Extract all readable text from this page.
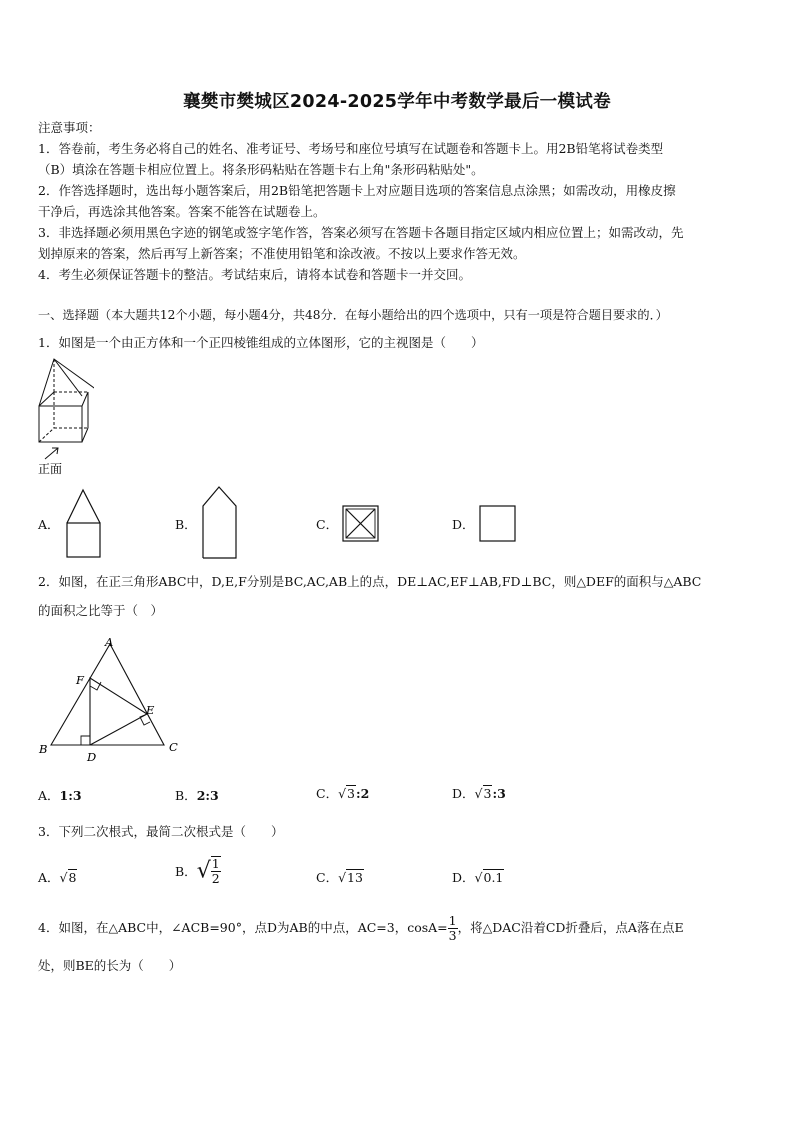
襄樊市樊城区2024-2025学年中考数学最后一模试卷
注意事项：
1．答卷前，考生务必将自己的姓名、准考证号、考场号和座位号填写在试题卷和答题卡上。用2B铅笔将试卷类型
（B）填涂在答题卡相应位置上。将条形码粘贴在答题卡右上角"条形码粘贴处"。
2．作答选择题时，选出每小题答案后，用2B铅笔把答题卡上对应题目选项的答案信息点涂黑；如需改动，用橡皮擦
干净后，再选涂其他答案。答案不能答在试题卷上。
3．非选择题必须用黑色字迹的钢笔或签字笔作答，答案必须写在答题卡各题目指定区域内相应位置上；如需改动，先
划掉原来的答案，然后再写上新答案；不准使用铅笔和涂改液。不按以上要求作答无效。
4．考生必须保证答题卡的整洁。考试结束后，请将本试卷和答题卡一并交回。
一、选择题（本大题共12个小题，每小题4分，共48分．在每小题给出的四个选项中，只有一项是符合题目要求的．）
1．如图是一个由正方体和一个正四棱锥组成的立体图形，它的主视图是（　　）
正面
A．	B．	C．	D．
2．如图，在正三角形ABC中，D,E,F分别是BC,AC,AB上的点，DE⊥AC,EF⊥AB,FD⊥BC，则△DEF的面积与△ABC
的面积之比等于（　）
A
B	C
D
E
F
A．1:3	B．2:3	C．√3:2	D．√3:3
3．下列二次根式，最简二次根式是（　　）
A．√8	B．√ $\frac{1}{2}$	C．√13	D．√0.1
4．如图，在△ABC中，∠ACB=90°，点D为AB的中点，AC=3，$\cos A= \frac{1}{3}$ ，将△DAC沿着CD折叠后，点A落在点E
处，则BE的长为（　　）
